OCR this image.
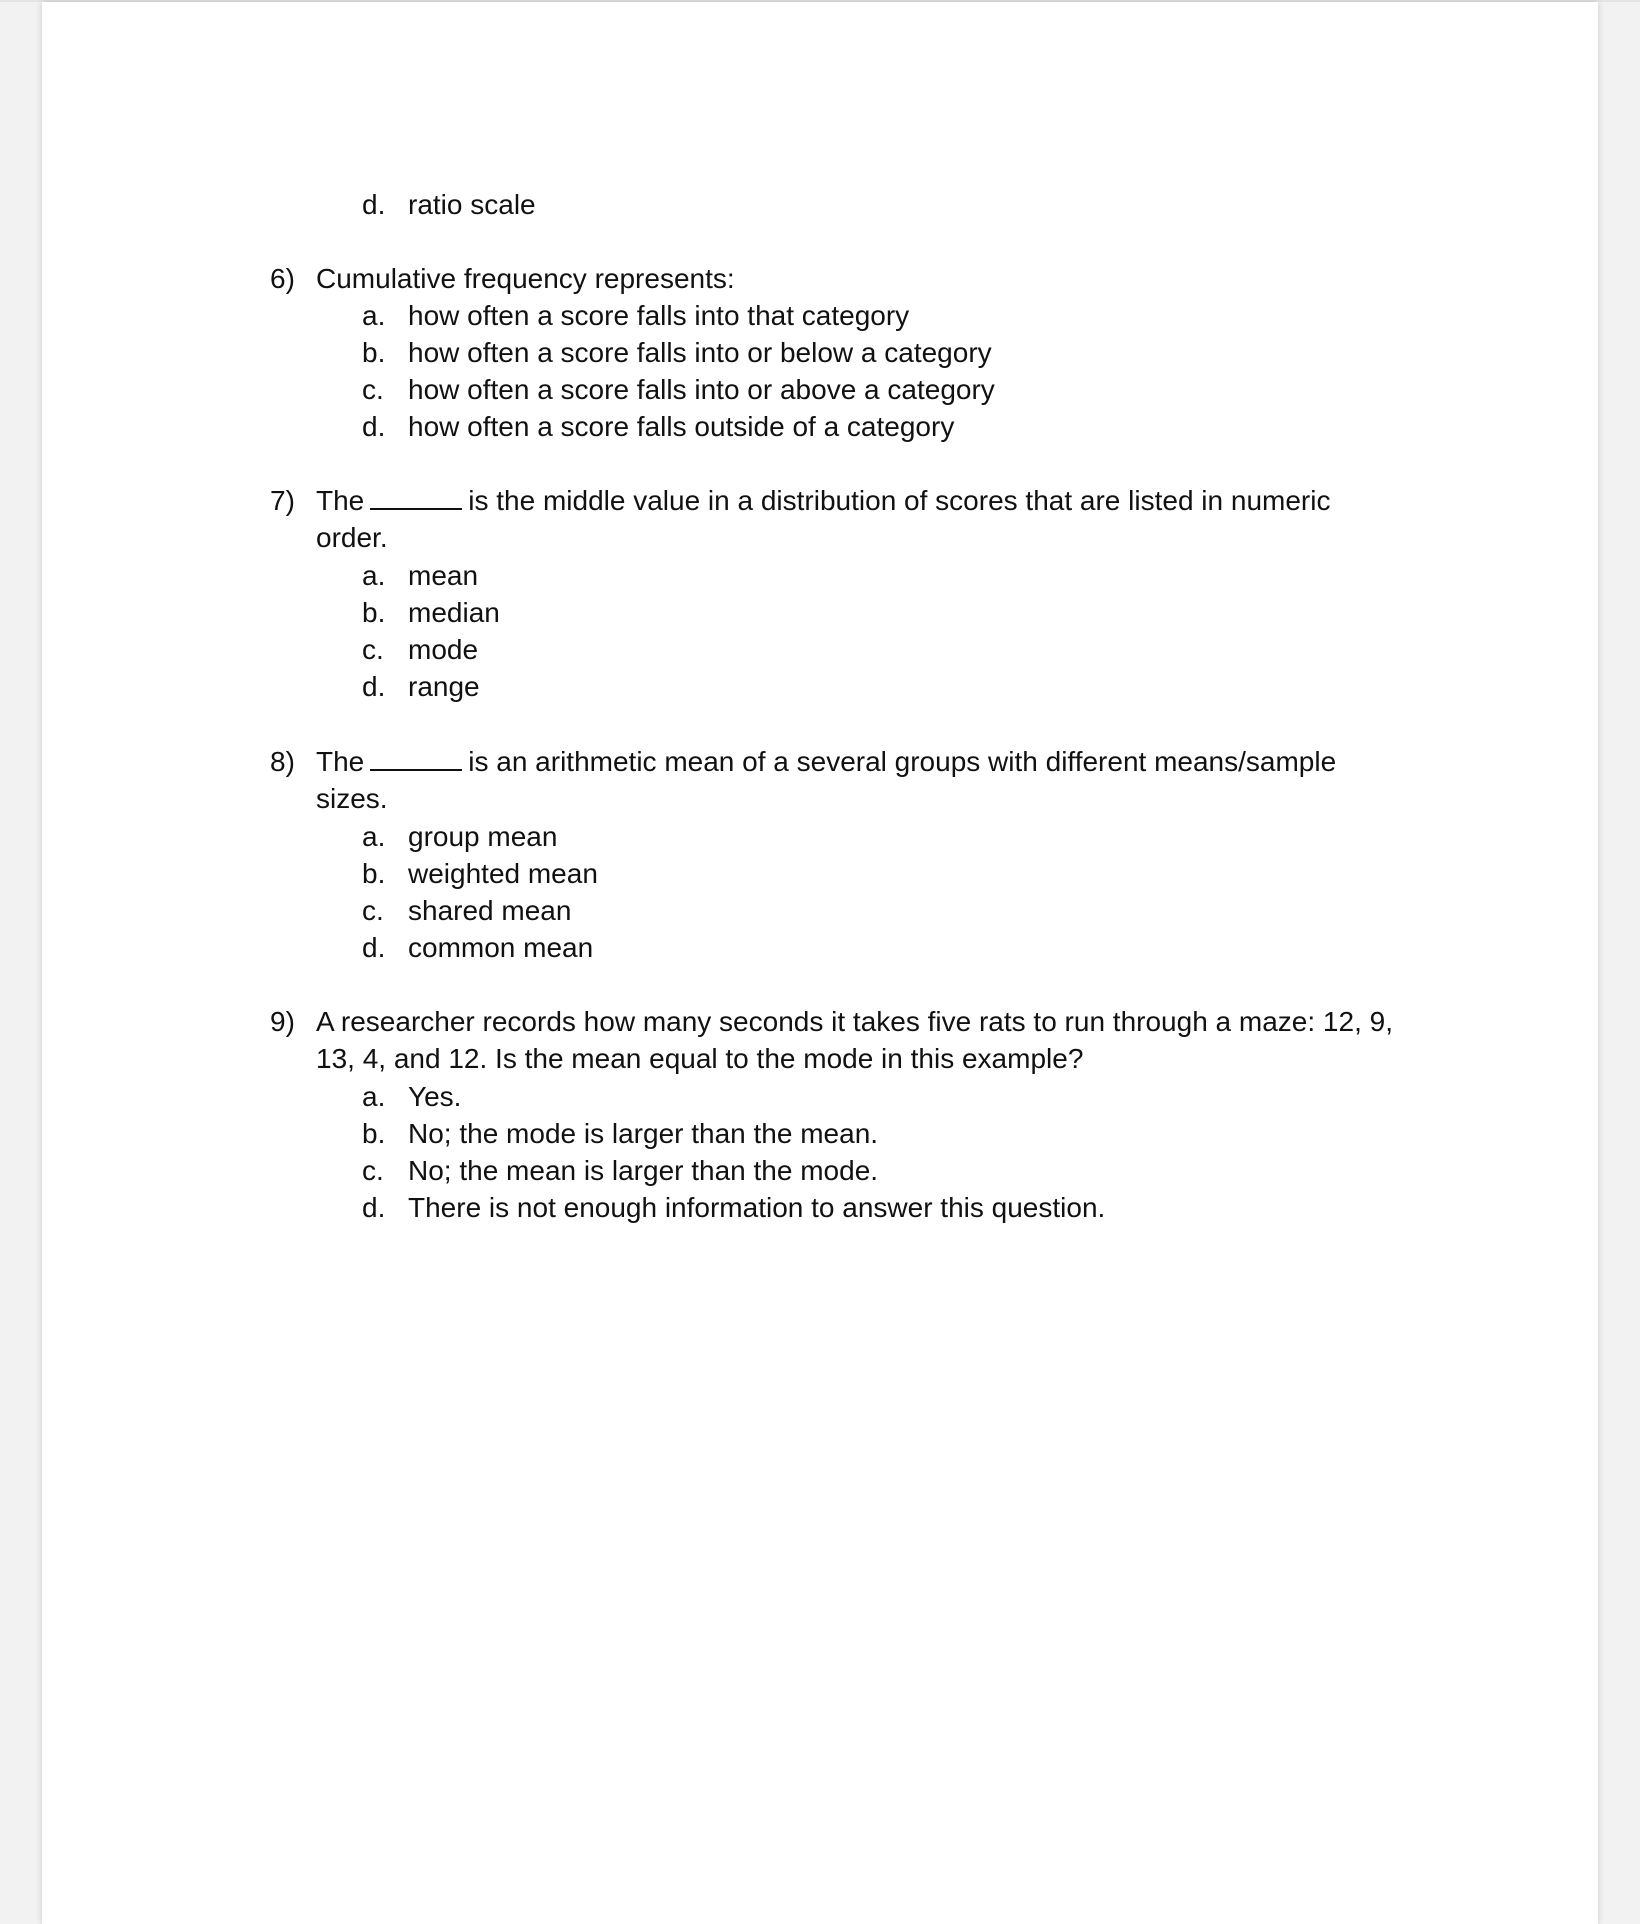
d. ratio scale
6) Cumulative frequency represents:
a. how often a score falls into that category
b. how often a score falls into or below a category
c. how often a score falls into or above a category
d. how often a score falls outside of a category
7) The	is the middle value in a distribution of scores that are listed in numeric
order.
a. mean
b. median
c. mode
d. range
8) The	is an arithmetic mean of a several groups with different means/sample
sizes.
a. group mean
b. weighted mean
c. shared mean
d. common mean
9) A researcher records how many seconds it takes five rats to run through a maze: 12, 9,
13, 4, and 12. Is the mean equal to the mode in this example?
a. Yes.
b. No; the mode is larger than the mean.
c. No; the mean is larger than the mode.
d. There is not enough information to answer this question.
